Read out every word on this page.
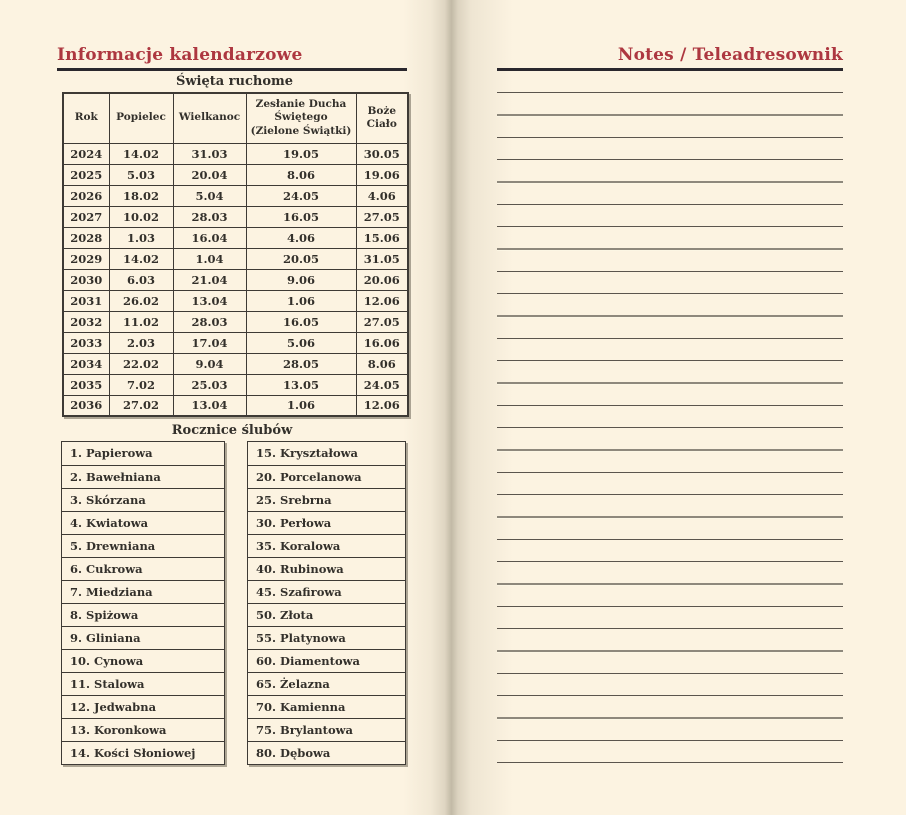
Informacje kalendarzowe
Święta ruchome
Rok	Popielec	Wielkanoc	Zesłanie Ducha Świętego (Zielone Świątki)	Boże Ciało
2024	14.02	31.03	19.05	30.05
2025	5.03	20.04	8.06	19.06
2026	18.02	5.04	24.05	4.06
2027	10.02	28.03	16.05	27.05
2028	1.03	16.04	4.06	15.06
2029	14.02	1.04	20.05	31.05
2030	6.03	21.04	9.06	20.06
2031	26.02	13.04	1.06	12.06
2032	11.02	28.03	16.05	27.05
2033	2.03	17.04	5.06	16.06
2034	22.02	9.04	28.05	8.06
2035	7.02	25.03	13.05	24.05
2036	27.02	13.04	1.06	12.06
Rocznice ślubów
1. Papierowa
2. Bawełniana
3. Skórzana
4. Kwiatowa
5. Drewniana
6. Cukrowa
7. Miedziana
8. Spiżowa
9. Gliniana
10. Cynowa
11. Stalowa
12. Jedwabna
13. Koronkowa
14. Kości Słoniowej
15. Kryształowa
20. Porcelanowa
25. Srebrna
30. Perłowa
35. Koralowa
40. Rubinowa
45. Szafirowa
50. Złota
55. Platynowa
60. Diamentowa
65. Żelazna
70. Kamienna
75. Brylantowa
80. Dębowa
Notes / Teleadresownik
